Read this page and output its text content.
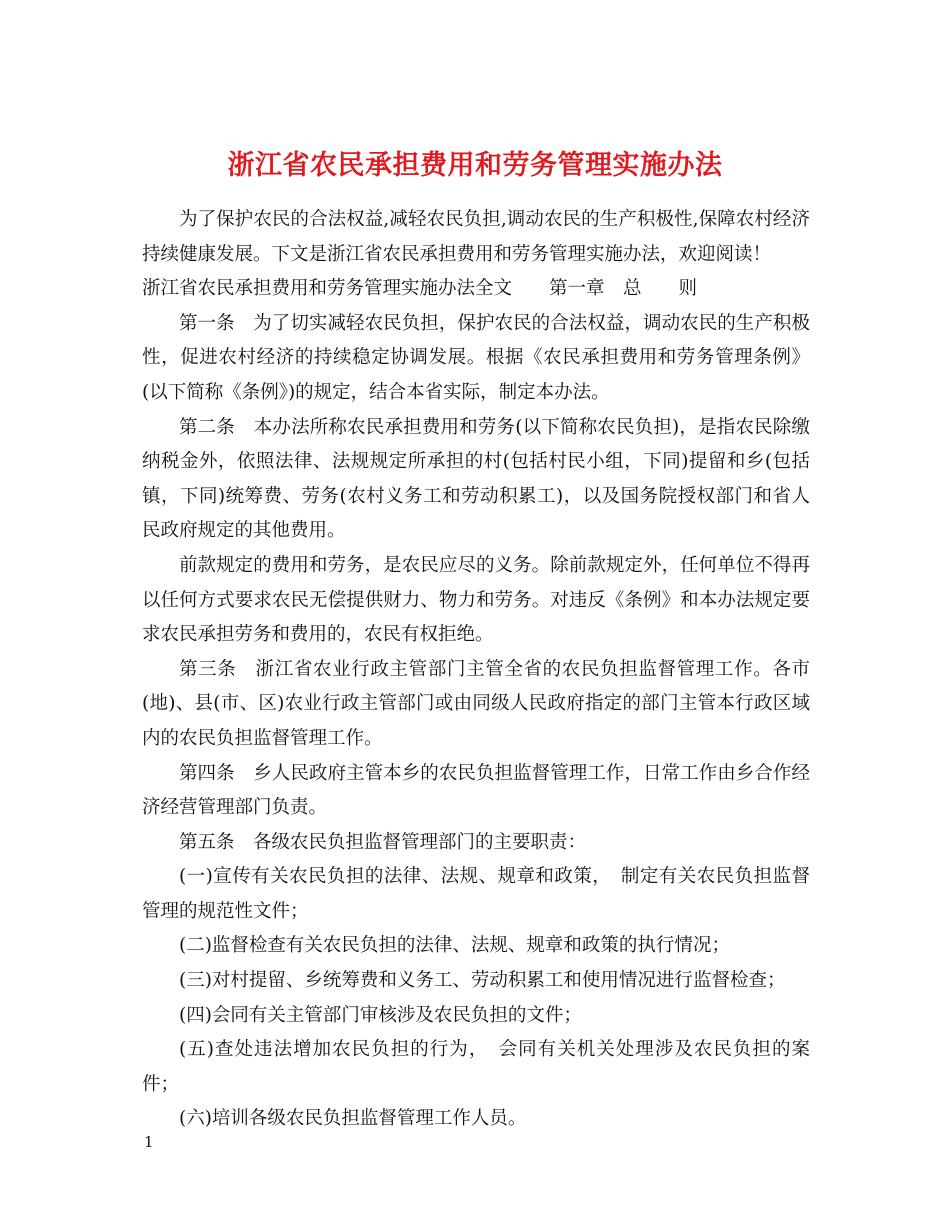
浙江省农民承担费用和劳务管理实施办法

为了保护农民的合法权益,减轻农民负担,调动农民的生产积极性,保障农村经济持续健康发展。下文是浙江省农民承担费用和劳务管理实施办法，欢迎阅读！

浙江省农民承担费用和劳务管理实施办法全文　　第一章　总　　则

第一条　为了切实减轻农民负担，保护农民的合法权益，调动农民的生产积极性，促进农村经济的持续稳定协调发展。根据《农民承担费用和劳务管理条例》(以下简称《条例》)的规定，结合本省实际，制定本办法。

第二条　本办法所称农民承担费用和劳务(以下简称农民负担)，是指农民除缴纳税金外，依照法律、法规规定所承担的村(包括村民小组，下同)提留和乡(包括镇，下同)统筹费、劳务(农村义务工和劳动积累工)，以及国务院授权部门和省人民政府规定的其他费用。

前款规定的费用和劳务，是农民应尽的义务。除前款规定外，任何单位不得再以任何方式要求农民无偿提供财力、物力和劳务。对违反《条例》和本办法规定要求农民承担劳务和费用的，农民有权拒绝。

第三条　浙江省农业行政主管部门主管全省的农民负担监督管理工作。各市(地)、县(市、区)农业行政主管部门或由同级人民政府指定的部门主管本行政区域内的农民负担监督管理工作。

第四条　乡人民政府主管本乡的农民负担监督管理工作，日常工作由乡合作经济经营管理部门负责。

第五条　各级农民负担监督管理部门的主要职责：

(一)宣传有关农民负担的法律、法规、规章和政策，　制定有关农民负担监督管理的规范性文件；

(二)监督检查有关农民负担的法律、法规、规章和政策的执行情况；

(三)对村提留、乡统筹费和义务工、劳动积累工和使用情况进行监督检查；

(四)会同有关主管部门审核涉及农民负担的文件；

(五)查处违法增加农民负担的行为，　会同有关机关处理涉及农民负担的案件；

(六)培训各级农民负担监督管理工作人员。

1
